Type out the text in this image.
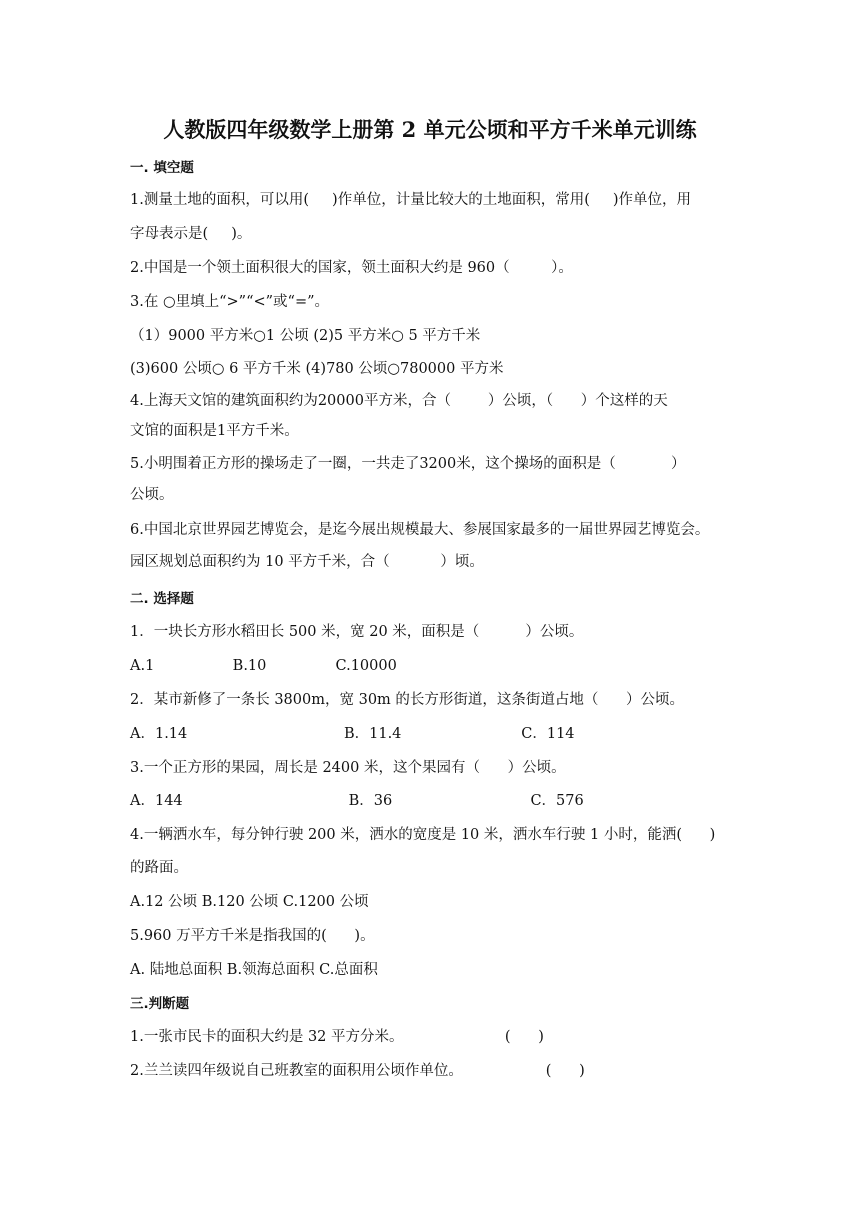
人教版四年级数学上册第 2 单元公顷和平方千米单元训练
一. 填空题
1.测量土地的面积，可以用(     )作单位，计量比较大的土地面积，常用(     )作单位，用
字母表示是(     )。
2.中国是一个领土面积很大的国家，领土面积大约是 960（         ）。
3.在 ○里填上“>”“<”或“=”。
（1）9000 平方米○1 公顷 (2)5 平方米○ 5 平方千米
(3)600 公顷○ 6 平方千米 (4)780 公顷○780000 平方米
4.上海天文馆的建筑面积约为20000平方米，合（        ）公顷，（      ）个这样的天
文馆的面积是1平方千米。
5.小明围着正方形的操场走了一圈，一共走了3200米，这个操场的面积是（            ）
公顷。
6.中国北京世界园艺博览会，是迄今展出规模最大、参展国家最多的一届世界园艺博览会。
园区规划总面积约为 10 平方千米，合（           ）顷。
二. 选择题
1．一块长方形水稻田长 500 米，宽 20 米，面积是（          ）公顷。
A.1                 B.10               C.10000
2．某市新修了一条长 3800m，宽 30m 的长方形街道，这条街道占地（      ）公顷。
A．1.14                                  B．11.4                          C．114
3.一个正方形的果园，周长是 2400 米，这个果园有（      ）公顷。
A．144                                    B．36                              C．576
4.一辆洒水车，每分钟行驶 200 米，洒水的宽度是 10 米，洒水车行驶 1 小时，能洒(      )
的路面。
A.12 公顷 B.120 公顷 C.1200 公顷
5.960 万平方千米是指我国的(      )。
A. 陆地总面积 B.领海总面积 C.总面积
三.判断题
1.一张市民卡的面积大约是 32 平方分米。                      (      )
2.兰兰读四年级说自己班教室的面积用公顷作单位。                  (      )
